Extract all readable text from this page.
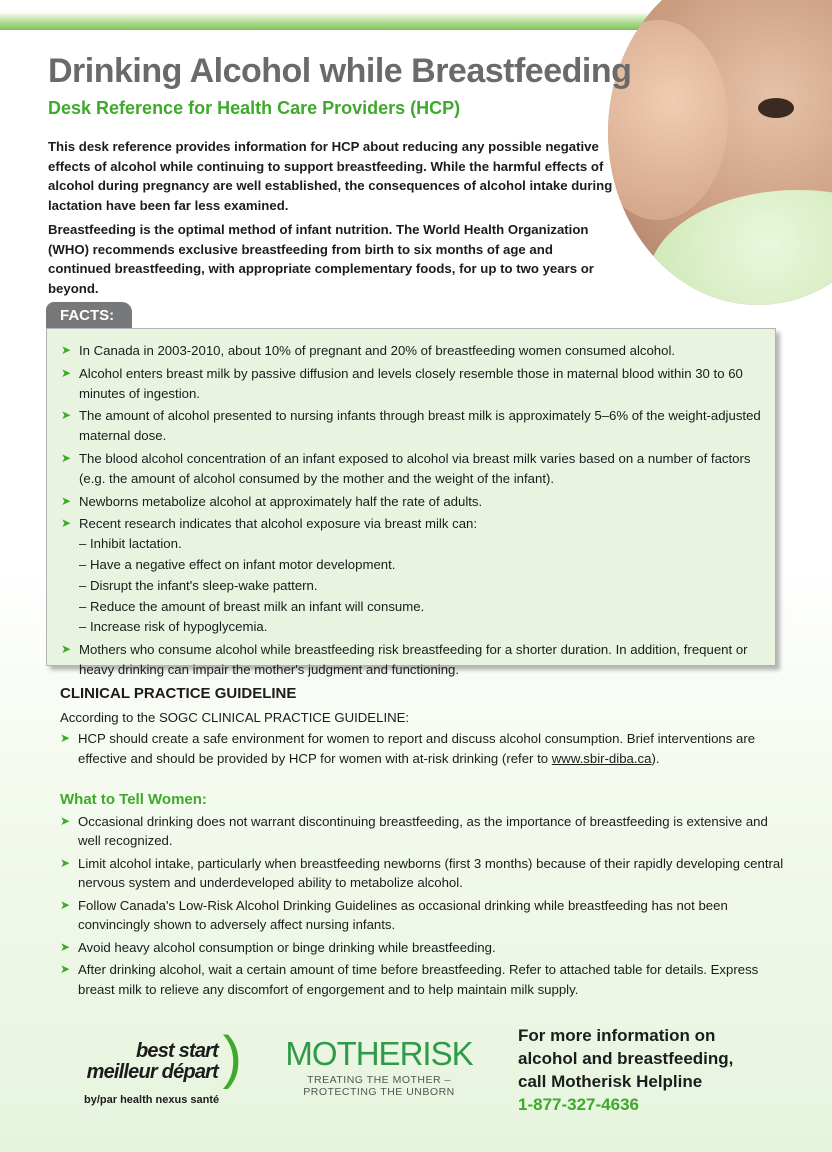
Drinking Alcohol while Breastfeeding
Desk Reference for Health Care Providers (HCP)

This desk reference provides information for HCP about reducing any possible negative effects of alcohol while continuing to support breastfeeding. While the harmful effects of alcohol during pregnancy are well established, the consequences of alcohol intake during lactation have been far less examined.

Breastfeeding is the optimal method of infant nutrition. The World Health Organization (WHO) recommends exclusive breastfeeding from birth to six months of age and continued breastfeeding, with appropriate complementary foods, for up to two years or beyond.

FACTS:
➤ In Canada in 2003-2010, about 10% of pregnant and 20% of breastfeeding women consumed alcohol.
➤ Alcohol enters breast milk by passive diffusion and levels closely resemble those in maternal blood within 30 to 60 minutes of ingestion.
➤ The amount of alcohol presented to nursing infants through breast milk is approximately 5–6% of the weight-adjusted maternal dose.
➤ The blood alcohol concentration of an infant exposed to alcohol via breast milk varies based on a number of factors (e.g. the amount of alcohol consumed by the mother and the weight of the infant).
➤ Newborns metabolize alcohol at approximately half the rate of adults.
➤ Recent research indicates that alcohol exposure via breast milk can:
– Inhibit lactation.
– Have a negative effect on infant motor development.
– Disrupt the infant's sleep-wake pattern.
– Reduce the amount of breast milk an infant will consume.
– Increase risk of hypoglycemia.
➤ Mothers who consume alcohol while breastfeeding risk breastfeeding for a shorter duration. In addition, frequent or heavy drinking can impair the mother's judgment and functioning.
CLINICAL PRACTICE GUIDELINE
According to the SOGC CLINICAL PRACTICE GUIDELINE:
➤ HCP should create a safe environment for women to report and discuss alcohol consumption. Brief interventions are effective and should be provided by HCP for women with at-risk drinking (refer to www.sbir-diba.ca).
What to Tell Women:
➤ Occasional drinking does not warrant discontinuing breastfeeding, as the importance of breastfeeding is extensive and well recognized.
➤ Limit alcohol intake, particularly when breastfeeding newborns (first 3 months) because of their rapidly developing central nervous system and underdeveloped ability to metabolize alcohol.
➤ Follow Canada's Low-Risk Alcohol Drinking Guidelines as occasional drinking while breastfeeding has not been convincingly shown to adversely affect nursing infants.
➤ Avoid heavy alcohol consumption or binge drinking while breastfeeding.
➤ After drinking alcohol, wait a certain amount of time before breastfeeding. Refer to attached table for details. Express breast milk to relieve any discomfort of engorgement and to help maintain milk supply.
best start
meilleur départ )
by/par health nexus santé
MOTHERISK
TREATING THE MOTHER –
PROTECTING THE UNBORN
For more information on
alcohol and breastfeeding,
call Motherisk Helpline
1-877-327-4636
